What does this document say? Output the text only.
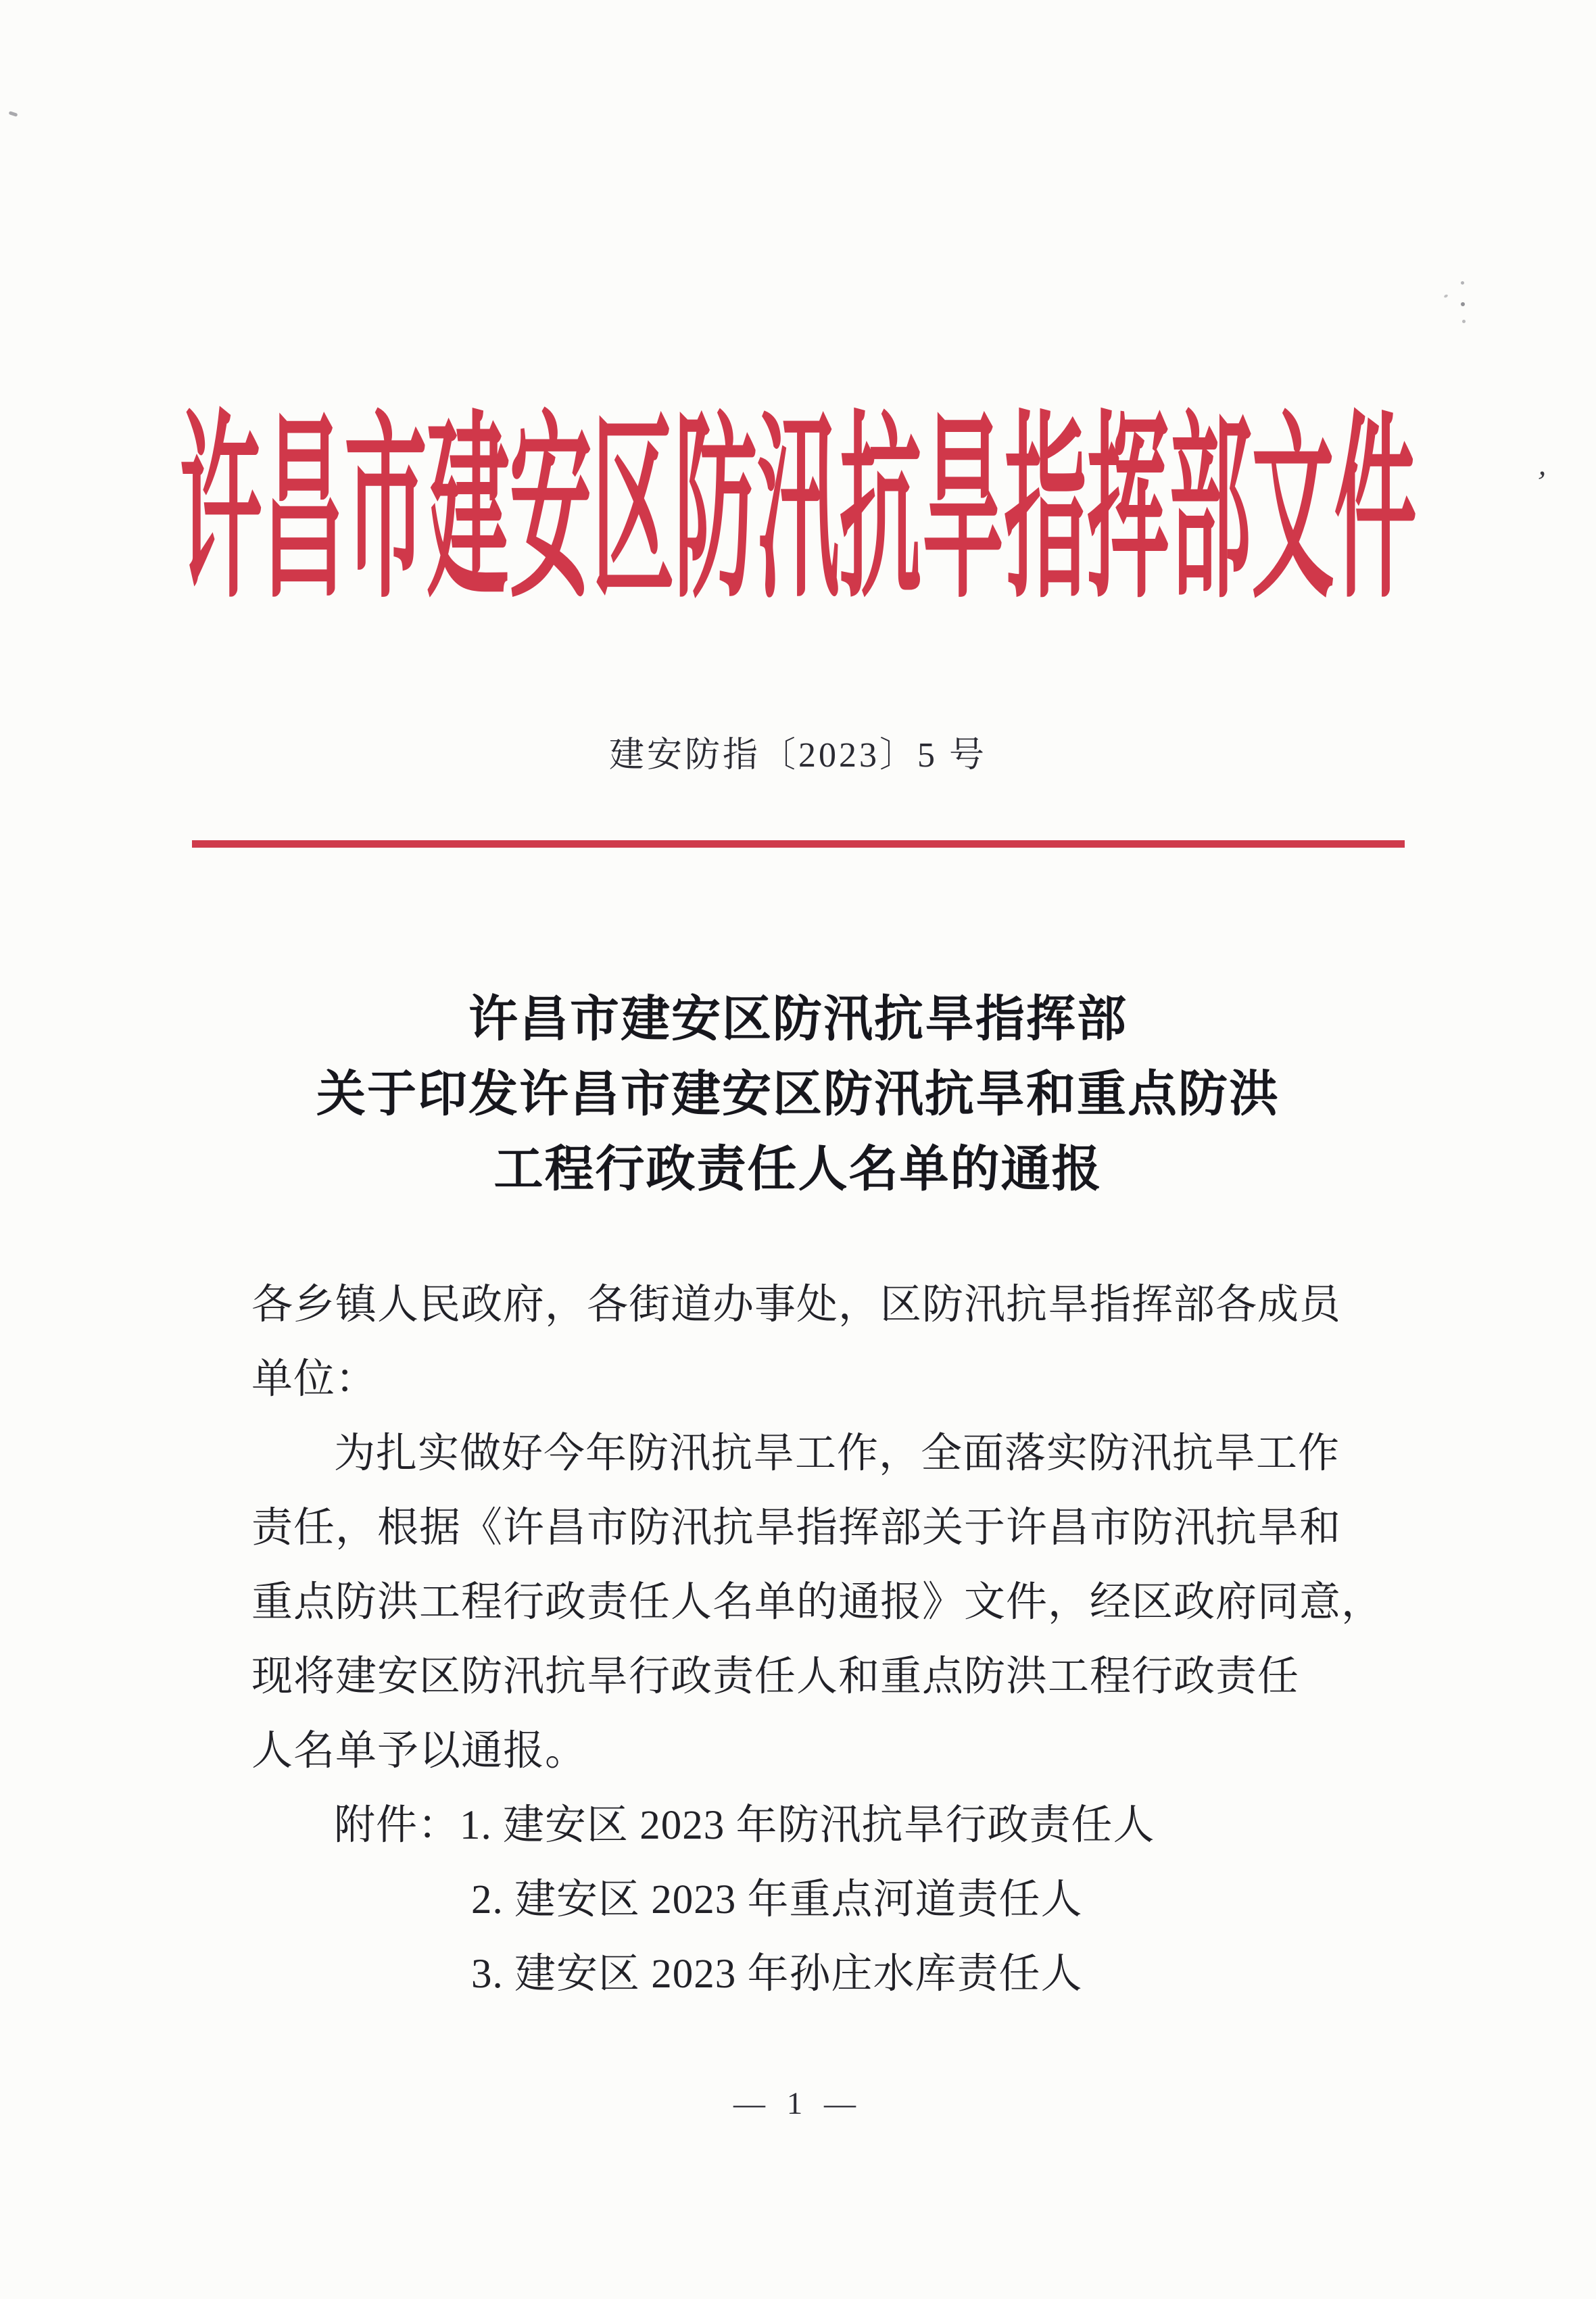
’
许昌市建安区防汛抗旱指挥部文件
建安防指〔2023〕5 号
许昌市建安区防汛抗旱指挥部
关于印发许昌市建安区防汛抗旱和重点防洪
工程行政责任人名单的通报
各乡镇人民政府，各街道办事处，区防汛抗旱指挥部各成员
单位：
为扎实做好今年防汛抗旱工作，全面落实防汛抗旱工作
责任，根据《许昌市防汛抗旱指挥部关于许昌市防汛抗旱和
重点防洪工程行政责任人名单的通报》文件，经区政府同意，
现将建安区防汛抗旱行政责任人和重点防洪工程行政责任
人名单予以通报。
附件：1. 建安区 2023 年防汛抗旱行政责任人
2. 建安区 2023 年重点河道责任人
3. 建安区 2023 年孙庄水库责任人
— 1 —
